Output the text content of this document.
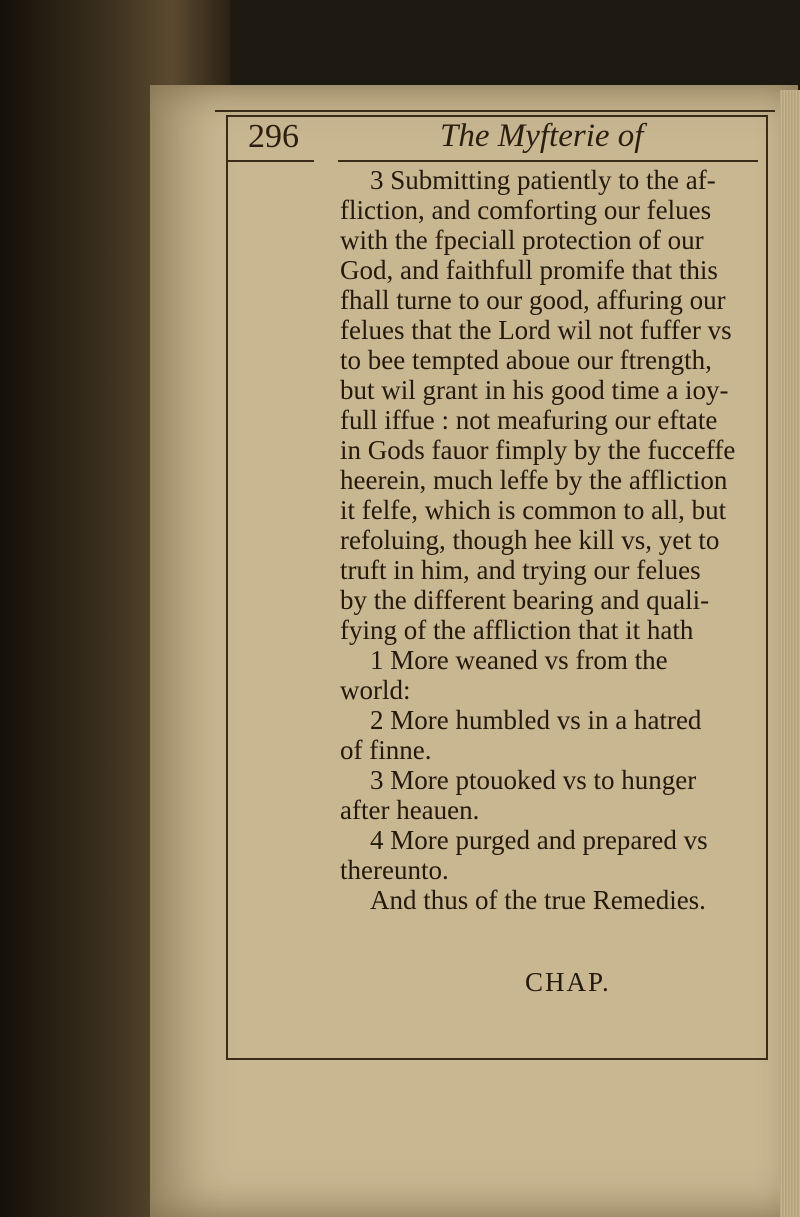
296	The Myfterie of
3 Submitting patiently to the af-
fliction, and comforting our felues
with the fpeciall protection of our
God, and faithfull promife that this
fhall turne to our good, affuring our
felues that the Lord wil not fuffer vs
to bee tempted aboue our ftrength,
but wil grant in his good time a ioy-
full iffue : not meafuring our eftate
in Gods fauor fimply by the fucceffe
heerein, much leffe by the affliction
it felfe, which is common to all, but
refoluing, though hee kill vs, yet to
truft in him, and trying our felues
by the different bearing and quali-
fying of the affliction that it hath
1 More weaned vs from the
world:
2 More humbled vs in a hatred
of finne.
3 More ptouoked vs to hunger
after heauen.
4 More purged and prepared vs
thereunto.
And thus of the true Remedies.
CHAP.
